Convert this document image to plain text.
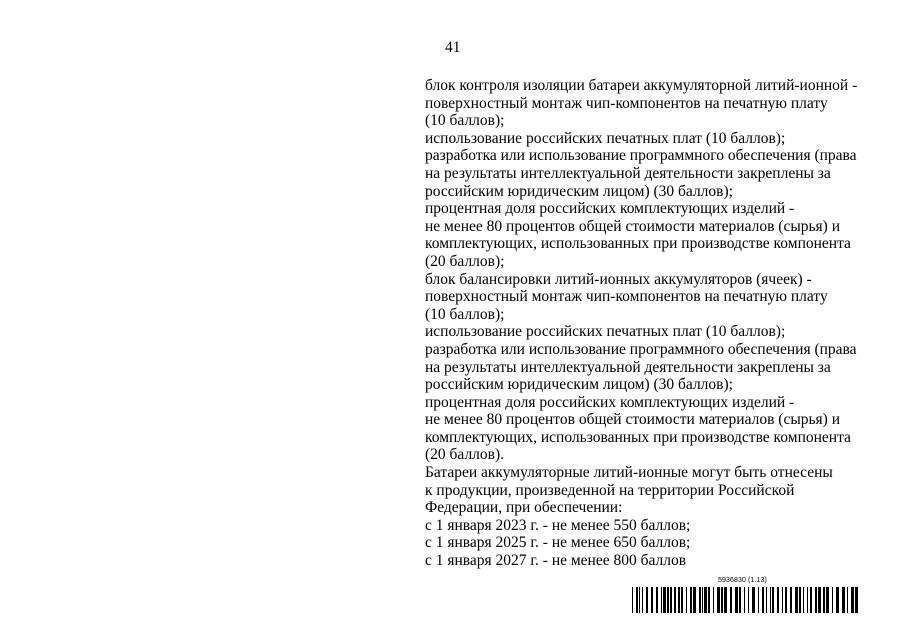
41
блок контроля изоляции батареи аккумуляторной литий-ионной -
поверхностный монтаж чип-компонентов на печатную плату
(10 баллов);
использование российских печатных плат (10 баллов);
разработка или использование программного обеспечения (права
на результаты интеллектуальной деятельности закреплены за
российским юридическим лицом) (30 баллов);
процентная доля российских комплектующих изделий -
не менее 80 процентов общей стоимости материалов (сырья) и
комплектующих, использованных при производстве компонента
(20 баллов);
блок балансировки литий-ионных аккумуляторов (ячеек) -
поверхностный монтаж чип-компонентов на печатную плату
(10 баллов);
использование российских печатных плат (10 баллов);
разработка или использование программного обеспечения (права
на результаты интеллектуальной деятельности закреплены за
российским юридическим лицом) (30 баллов);
процентная доля российских комплектующих изделий -
не менее 80 процентов общей стоимости материалов (сырья) и
комплектующих, использованных при производстве компонента
(20 баллов).
Батареи аккумуляторные литий-ионные могут быть отнесены
к продукции, произведенной на территории Российской
Федерации, при обеспечении:
с 1 января 2023 г. - не менее 550 баллов;
с 1 января 2025 г. - не менее 650 баллов;
с 1 января 2027 г. - не менее 800 баллов
5936830 (1.13)
